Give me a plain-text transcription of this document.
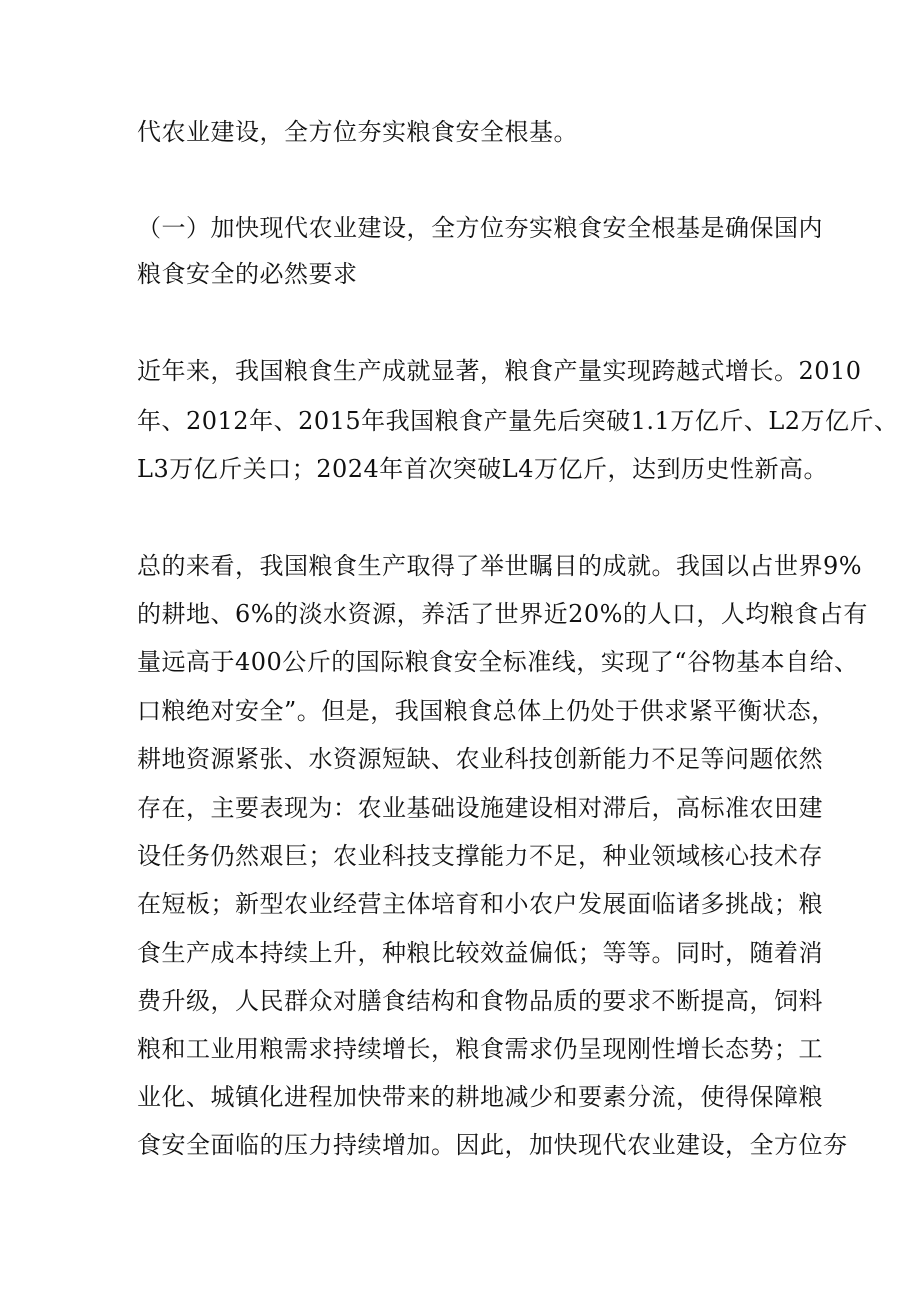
代农业建设，全方位夯实粮食安全根基。
（一）加快现代农业建设，全方位夯实粮食安全根基是确保国内
粮食安全的必然要求
近年来，我国粮食生产成就显著，粮食产量实现跨越式增长。2010
年、2012年、2015年我国粮食产量先后突破1.1万亿斤、L2万亿斤、
L3万亿斤关口；2024年首次突破L4万亿斤，达到历史性新高。
总的来看，我国粮食生产取得了举世瞩目的成就。我国以占世界9%
的耕地、6%的淡水资源，养活了世界近20%的人口，人均粮食占有
量远高于400公斤的国际粮食安全标准线，实现了“谷物基本自给、
口粮绝对安全”。但是，我国粮食总体上仍处于供求紧平衡状态，
耕地资源紧张、水资源短缺、农业科技创新能力不足等问题依然
存在，主要表现为：农业基础设施建设相对滞后，高标准农田建
设任务仍然艰巨；农业科技支撑能力不足，种业领域核心技术存
在短板；新型农业经营主体培育和小农户发展面临诸多挑战；粮
食生产成本持续上升，种粮比较效益偏低；等等。同时，随着消
费升级，人民群众对膳食结构和食物品质的要求不断提高，饲料
粮和工业用粮需求持续增长，粮食需求仍呈现刚性增长态势；工
业化、城镇化进程加快带来的耕地减少和要素分流，使得保障粮
食安全面临的压力持续增加。因此，加快现代农业建设，全方位夯
